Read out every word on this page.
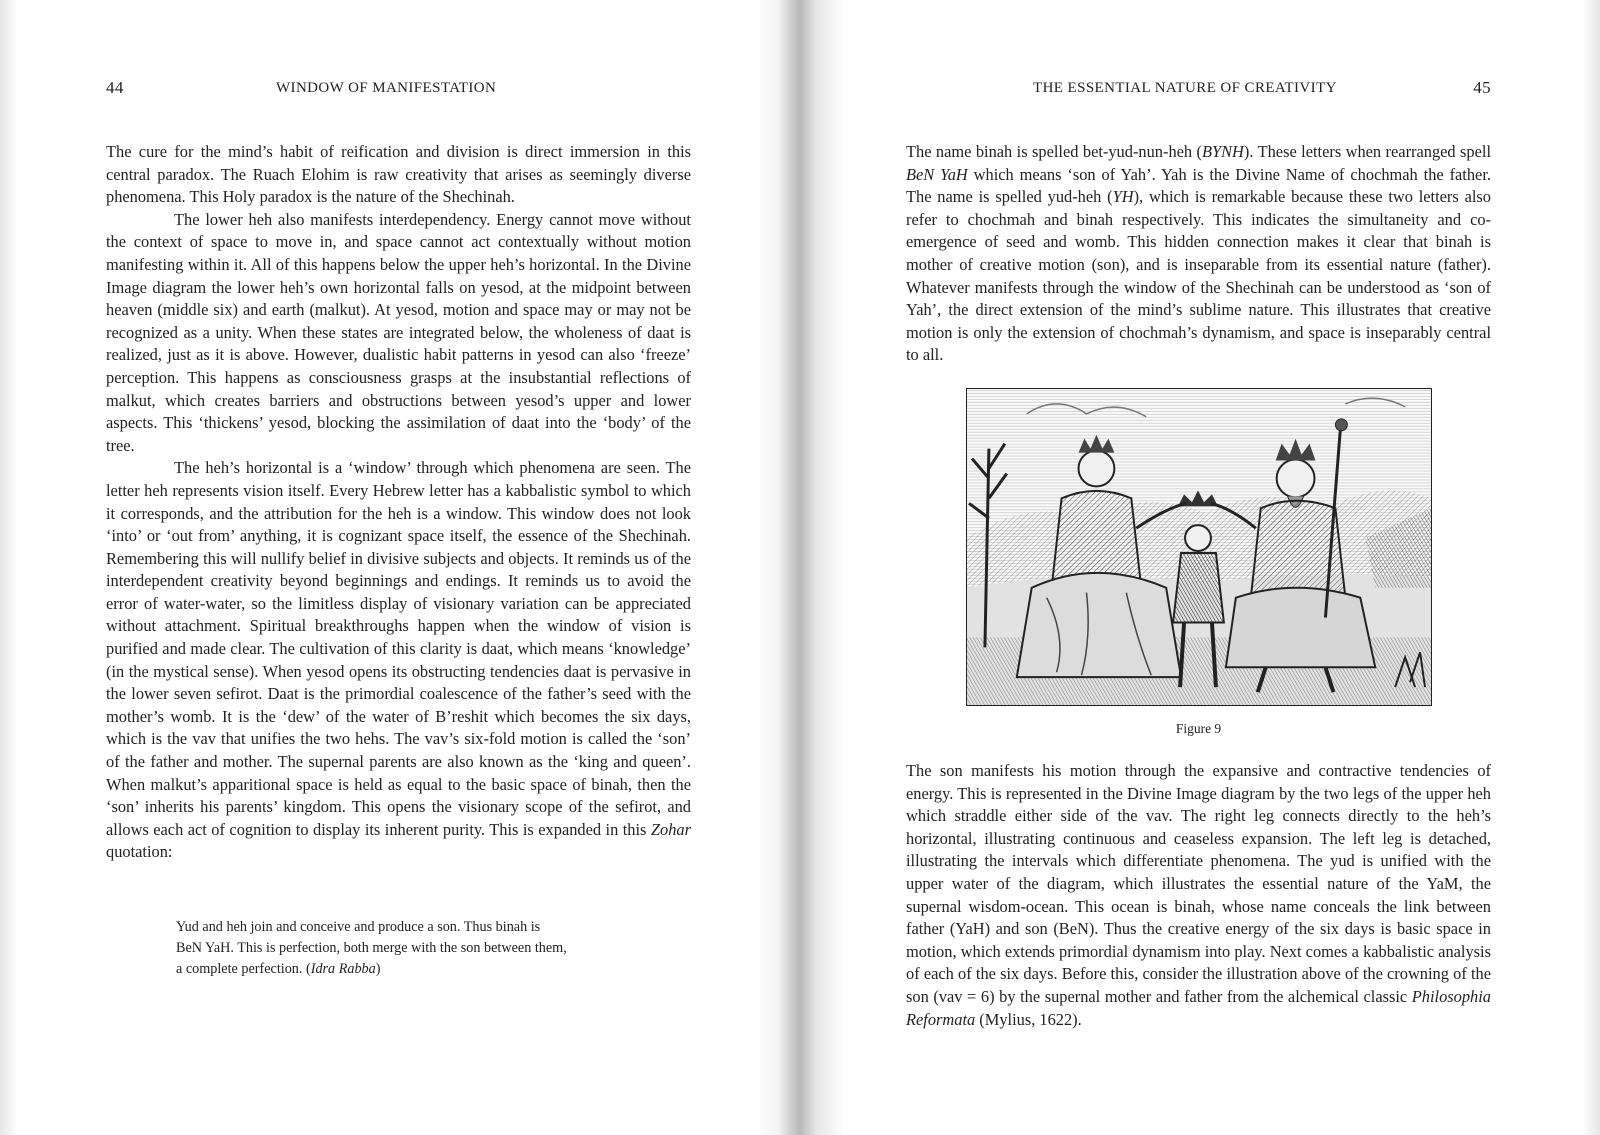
44	WINDOW OF MANIFESTATION

The cure for the mind’s habit of reification and division is direct immersion in this central paradox. The Ruach Elohim is raw creativity that arises as seemingly diverse phenomena. This Holy paradox is the nature of the Shechinah.

The lower heh also manifests interdependency. Energy cannot move without the context of space to move in, and space cannot act contextually without motion manifesting within it. All of this happens below the upper heh’s horizontal. In the Divine Image diagram the lower heh’s own horizontal falls on yesod, at the midpoint between heaven (middle six) and earth (malkut). At yesod, motion and space may or may not be recognized as a unity. When these states are integrated below, the wholeness of daat is realized, just as it is above. However, dualistic habit patterns in yesod can also ‘freeze’ perception. This happens as consciousness grasps at the insubstantial reflections of malkut, which creates barriers and obstructions between yesod’s upper and lower aspects. This ‘thickens’ yesod, blocking the assimilation of daat into the ‘body’ of the tree.

The heh’s horizontal is a ‘window’ through which phenomena are seen. The letter heh represents vision itself. Every Hebrew letter has a kabbalistic symbol to which it corresponds, and the attribution for the heh is a window. This window does not look ‘into’ or ‘out from’ anything, it is cognizant space itself, the essence of the Shechinah. Remembering this will nullify belief in divisive subjects and objects. It reminds us of the interdependent creativity beyond beginnings and endings. It reminds us to avoid the error of water-water, so the limitless display of visionary variation can be appreciated without attachment. Spiritual breakthroughs happen when the window of vision is purified and made clear. The cultivation of this clarity is daat, which means ‘knowledge’ (in the mystical sense). When yesod opens its obstructing tendencies daat is pervasive in the lower seven sefirot. Daat is the primordial coalescence of the father’s seed with the mother’s womb. It is the ‘dew’ of the water of B’reshit which becomes the six days, which is the vav that unifies the two hehs. The vav’s six-fold motion is called the ‘son’ of the father and mother. The supernal parents are also known as the ‘king and queen’. When malkut’s apparitional space is held as equal to the basic space of binah, then the ‘son’ inherits his parents’ kingdom. This opens the visionary scope of the sefirot, and allows each act of cognition to display its inherent purity. This is expanded in this Zohar quotation:

Yud and heh join and conceive and produce a son. Thus binah is

BeN YaH. This is perfection, both merge with the son between them,

a complete perfection. (Idra Rabba)

THE ESSENTIAL NATURE OF CREATIVITY	45

The name binah is spelled bet-yud-nun-heh (BYNH). These letters when rearranged spell BeN YaH which means ‘son of Yah’. Yah is the Divine Name of chochmah the father. The name is spelled yud-heh (YH), which is remarkable because these two letters also refer to chochmah and binah respectively. This indicates the simultaneity and co-emergence of seed and womb. This hidden connection makes it clear that binah is mother of creative motion (son), and is inseparable from its essential nature (father). Whatever manifests through the window of the Shechinah can be understood as ‘son of Yah’, the direct extension of the mind’s sublime nature. This illustrates that creative motion is only the extension of chochmah’s dynamism, and space is inseparably central to all.

Figure 9

The son manifests his motion through the expansive and contractive tendencies of energy. This is represented in the Divine Image diagram by the two legs of the upper heh which straddle either side of the vav. The right leg connects directly to the heh’s horizontal, illustrating continuous and ceaseless expansion. The left leg is detached, illustrating the intervals which differentiate phenomena. The yud is unified with the upper water of the diagram, which illustrates the essential nature of the YaM, the supernal wisdom-ocean. This ocean is binah, whose name conceals the link between father (YaH) and son (BeN). Thus the creative energy of the six days is basic space in motion, which extends primordial dynamism into play. Next comes a kabbalistic analysis of each of the six days. Before this, consider the illustration above of the crowning of the son (vav = 6) by the supernal mother and father from the alchemical classic Philosophia Reformata (Mylius, 1622).
